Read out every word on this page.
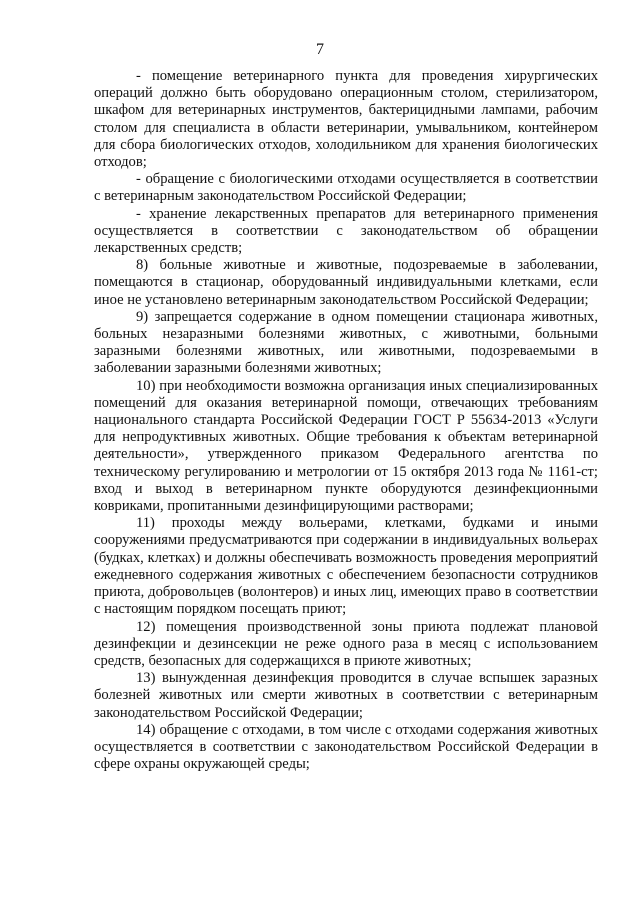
7

- помещение ветеринарного пункта для проведения хирургических операций должно быть оборудовано операционным столом, стерилизатором, шкафом для ветеринарных инструментов, бактерицидными лампами, рабочим столом для специалиста в области ветеринарии, умывальником, контейнером для сбора биологических отходов, холодильником для хранения биологических отходов;

- обращение с биологическими отходами осуществляется в соответствии с ветеринарным законодательством Российской Федерации;

- хранение лекарственных препаратов для ветеринарного применения осуществляется в соответствии с законодательством об обращении лекарственных средств;

8) больные животные и животные, подозреваемые в заболевании, помещаются в стационар, оборудованный индивидуальными клетками, если иное не установлено ветеринарным законодательством Российской Федерации;

9) запрещается содержание в одном помещении стационара животных, больных незаразными болезнями животных, с животными, больными заразными болезнями животных, или животными, подозреваемыми в заболевании заразными болезнями животных;

10) при необходимости возможна организация иных специализированных помещений для оказания ветеринарной помощи, отвечающих требованиям национального стандарта Российской Федерации ГОСТ Р 55634-2013 «Услуги для непродуктивных животных. Общие требования к объектам ветеринарной деятельности», утвержденного приказом Федерального агентства по техническому регулированию и метрологии от 15 октября 2013 года № 1161-ст; вход и выход в ветеринарном пункте оборудуются дезинфекционными ковриками, пропитанными дезинфицирующими растворами;

11) проходы между вольерами, клетками, будками и иными сооружениями предусматриваются при содержании в индивидуальных вольерах (будках, клетках) и должны обеспечивать возможность проведения мероприятий ежедневного содержания животных с обеспечением безопасности сотрудников приюта, добровольцев (волонтеров) и иных лиц, имеющих право в соответствии с настоящим порядком посещать приют;

12) помещения производственной зоны приюта подлежат плановой дезинфекции и дезинсекции не реже одного раза в месяц с использованием средств, безопасных для содержащихся в приюте животных;

13) вынужденная дезинфекция проводится в случае вспышек заразных болезней животных или смерти животных в соответствии с ветеринарным законодательством Российской Федерации;

14) обращение с отходами, в том числе с отходами содержания животных осуществляется в соответствии с законодательством Российской Федерации в сфере охраны окружающей среды;
